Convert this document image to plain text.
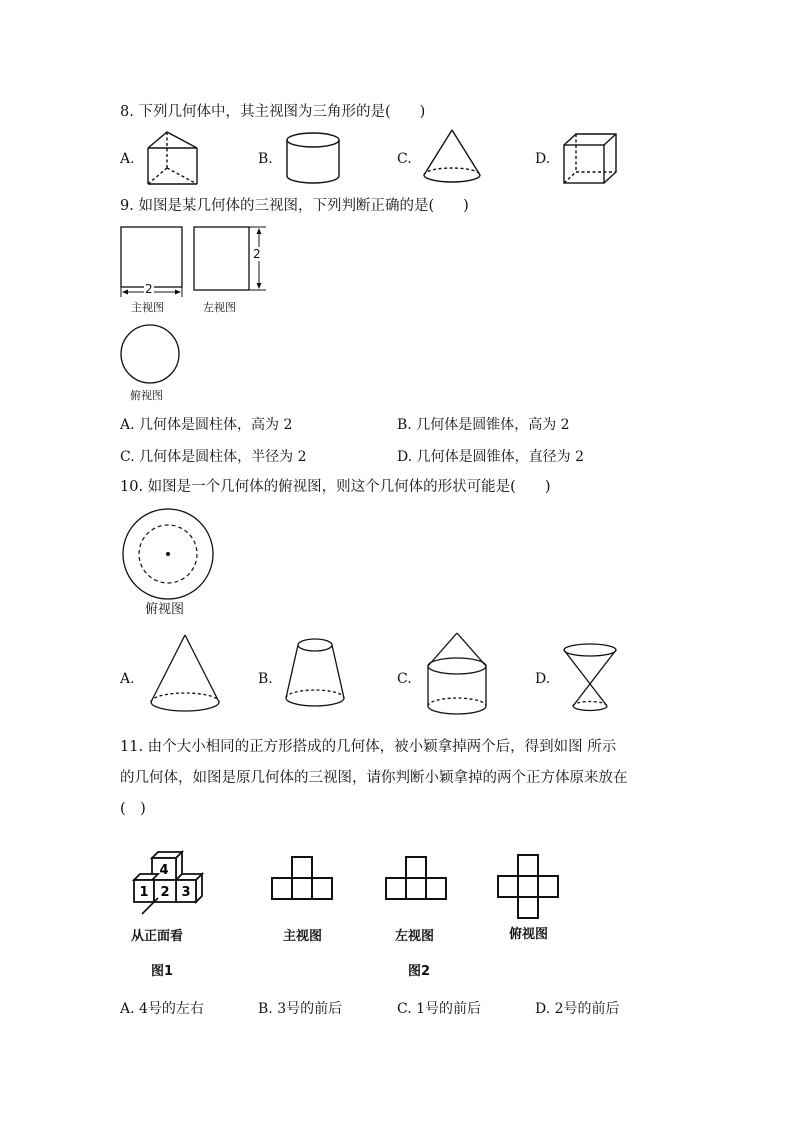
8. 下列几何体中，其主视图为三角形的是(　　)
A.	B.	C.	D.
9. 如图是某几何体的三视图，下列判断正确的是(　　)
2
主视图
2
左视图
俯视图
A. 几何体是圆柱体，高为 2	B. 几何体是圆锥体，高为 2
C. 几何体是圆柱体，半径为 2	D. 几何体是圆锥体，直径为 2
10. 如图是一个几何体的俯视图，则这个几何体的形状可能是(　　)
俯视图
A.	B.	C.	D.
11. 由个大小相同的正方形搭成的几何体，被小颖拿掉两个后，得到如图 所示
的几何体，如图是原几何体的三视图，请你判断小颖拿掉的两个正方体原来放在
(　)
4
1 2 3
从正面看
图1
主视图	左视图	俯视图
图2
A. 4号的左右	B. 3号的前后	C. 1号的前后	D. 2号的前后
